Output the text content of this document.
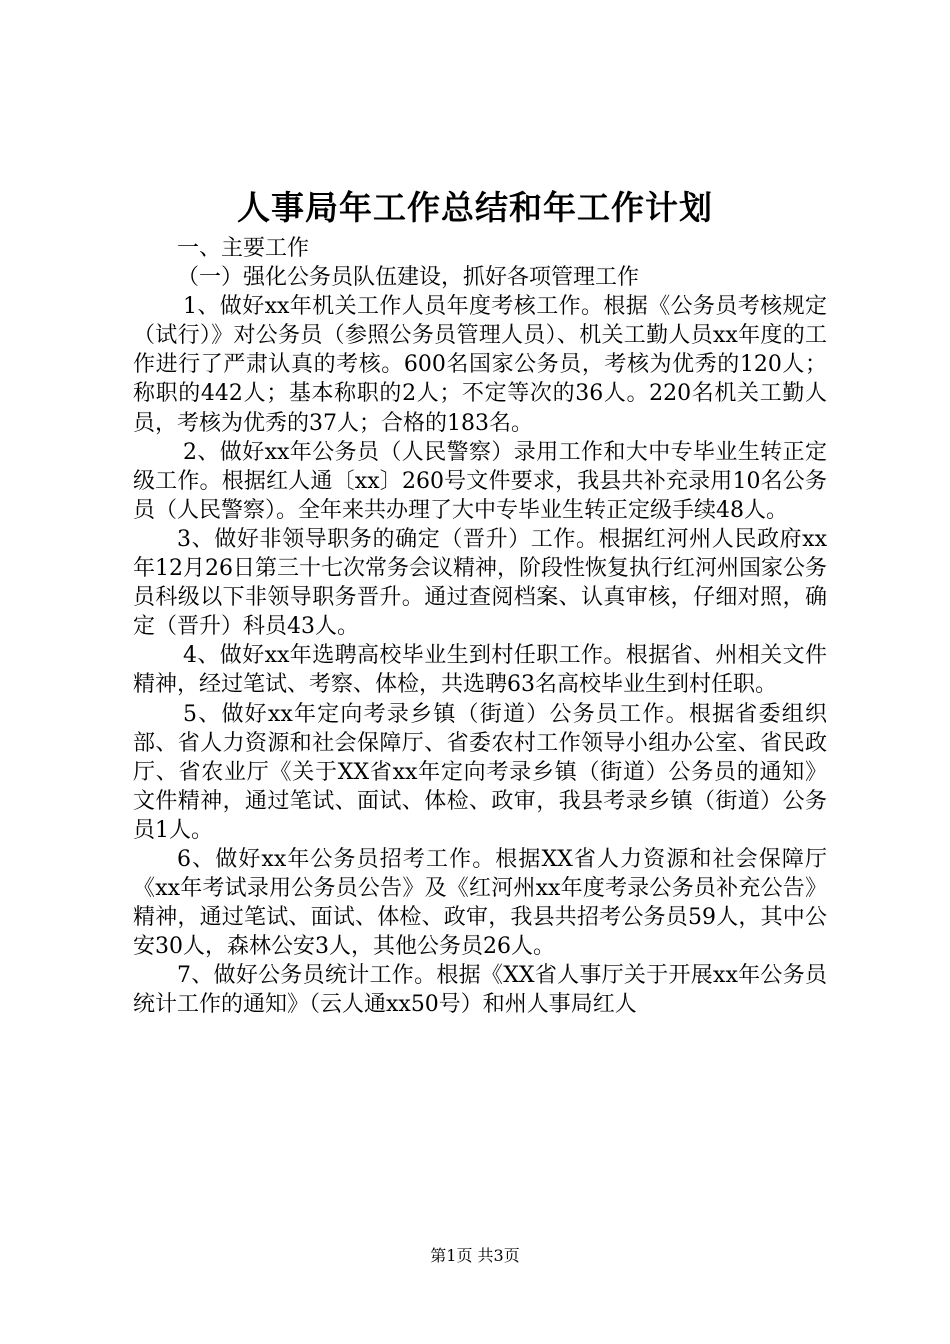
人事局年工作总结和年工作计划

一、主要工作

（一）强化公务员队伍建设，抓好各项管理工作

1、做好xx年机关工作人员年度考核工作。根据《公务员考核规定（试行）》对公务员（参照公务员管理人员）、机关工勤人员xx年度的工作进行了严肃认真的考核。600名国家公务员，考核为优秀的120人；称职的442人；基本称职的2人；不定等次的36人。220名机关工勤人员，考核为优秀的37人；合格的183名。

2、做好xx年公务员（人民警察）录用工作和大中专毕业生转正定级工作。根据红人通〔xx〕260号文件要求，我县共补充录用10名公务员（人民警察）。全年来共办理了大中专毕业生转正定级手续48人。

3、做好非领导职务的确定（晋升）工作。根据红河州人民政府xx年12月26日第三十七次常务会议精神，阶段性恢复执行红河州国家公务员科级以下非领导职务晋升。通过查阅档案、认真审核，仔细对照，确定（晋升）科员43人。

4、做好xx年选聘高校毕业生到村任职工作。根据省、州相关文件精神，经过笔试、考察、体检，共选聘63名高校毕业生到村任职。

5、做好xx年定向考录乡镇（街道）公务员工作。根据省委组织部、省人力资源和社会保障厅、省委农村工作领导小组办公室、省民政厅、省农业厅《关于XX省xx年定向考录乡镇（街道）公务员的通知》文件精神，通过笔试、面试、体检、政审，我县考录乡镇（街道）公务员1人。

6、做好xx年公务员招考工作。根据XX省人力资源和社会保障厅《xx年考试录用公务员公告》及《红河州xx年度考录公务员补充公告》精神，通过笔试、面试、体检、政审，我县共招考公务员59人，其中公安30人，森林公安3人，其他公务员26人。

7、做好公务员统计工作。根据《XX省人事厅关于开展xx年公务员统计工作的通知》（云人通xx50号）和州人事局红人

第1页 共3页
